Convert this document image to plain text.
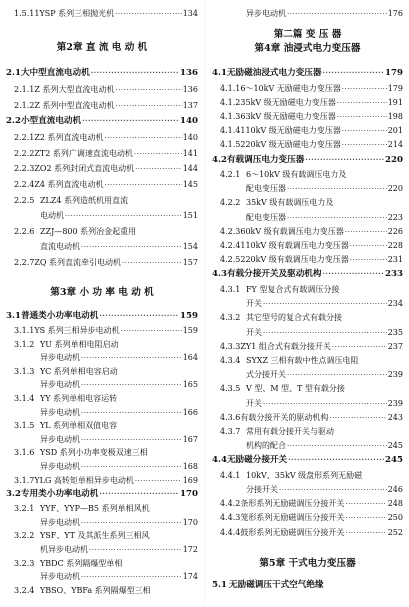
1.5.11 YSP 系列三相抛光机 ·····	134
第2章 直 流 电 动 机
2.1 大中型直流电动机 ·····	136
2.1.1 Z 系列大型直流电动机 ·····	136
2.1.2 Z 系列中型直流电动机 ·····	137
2.2 小型直流电动机 ·····	140
2.2.1 Z2 系列直流电动机 ·····	140
2.2.2 ZT2 系列广调速直流电动机 ·····	141
2.2.3 ZO2 系列封闭式直流电动机 ·····	144
2.2.4 Z4 系列直流电动机 ·····	145
2.2.5 ZLZ4 系列造纸机用直流
电动机 ·····	151
2.2.6 ZZJ—800 系列冶金起重用
直流电动机 ·····	154
2.2.7 ZQ 系列直流牵引电动机 ·····	157
第3章 小 功 率 电 动 机
3.1 普通类小功率电动机 ·····	159
3.1.1 YS 系列三相异步电动机 ·····	159
3.1.2 YU 系列单相电阻启动
异步电动机 ·····	164
3.1.3 YC 系列单相电容启动
异步电动机 ·····	165
3.1.4 YY 系列单相电容运转
异步电动机 ·····	166
3.1.5 YL 系列单相双值电容
异步电动机 ·····	167
3.1.6 YSD 系列小功率变极双速三相
异步电动机 ·····	168
3.1.7 YLG 高转矩单相异步电动机 ·····	169
3.2 专用类小功率电动机 ·····	170
3.2.1 YYF、YYP—B5 系列单相风机
异步电动机 ·····	170
3.2.2 YSF、YT 及其派生系列三相风
机异步电动机 ·····	172
3.2.3 YBDC 系列隔爆型单相
异步电动机 ·····	174
3.2.4 YBSO、YBFa 系列隔爆型三相
异步电动机 ·····	176
第二篇 变 压 器
第4章 油浸式电力变压器
4.1 无励磁油浸式电力变压器 ·····	179
4.1.1 6～10kV 无励磁电力变压器 ·····	179
4.1.2 35kV 级无励磁电力变压器 ·····	191
4.1.3 63kV 级无励磁电力变压器 ·····	198
4.1.4 110kV 级无励磁电力变压器 ·····	201
4.1.5 220kV 级无励磁电力变压器 ·····	214
4.2 有载调压电力变压器 ·····	220
4.2.1 6～10kV 级有载调压电力及
配电变压器 ·····	220
4.2.2 35kV 级有载调压电力及
配电变压器 ·····	223
4.2.3 60kV 级有载调压电力变压器 ·····	226
4.2.4 110kV 级有载调压电力变压器 ·····	228
4.2.5 220kV 级有载调压电力变压器 ·····	231
4.3 有载分接开关及驱动机构 ·····	233
4.3.1 FY 型复合式有载调压分接
开关 ·····	234
4.3.2 其它型号的复合式有载分接
开关 ·····	235
4.3.3 ZY1 组合式有载分接开关 ·····	237
4.3.4 SYXZ 三相有载中性点调压电阻
式分接开关 ·····	239
4.3.5 V 型、M 型、T 型有载分接
开关 ·····	239
4.3.6 有载分接开关的驱动机构 ·····	243
4.3.7 常用有载分接开关与驱动
机构的配合 ·····	245
4.4 无励磁分接开关 ·····	245
4.4.1 10kV、35kV 级盘形系列无励磁
分接开关 ·····	246
4.4.2 条形系列无励磁调压分接开关 ·····	248
4.4.3 笼形系列无励磁调压分接开关 ·····	250
4.4.4 鼓形系列无励磁调压分接开关 ·····	252
第5章 干式电力变压器
5.1 无励磁调压干式空气绝缘
